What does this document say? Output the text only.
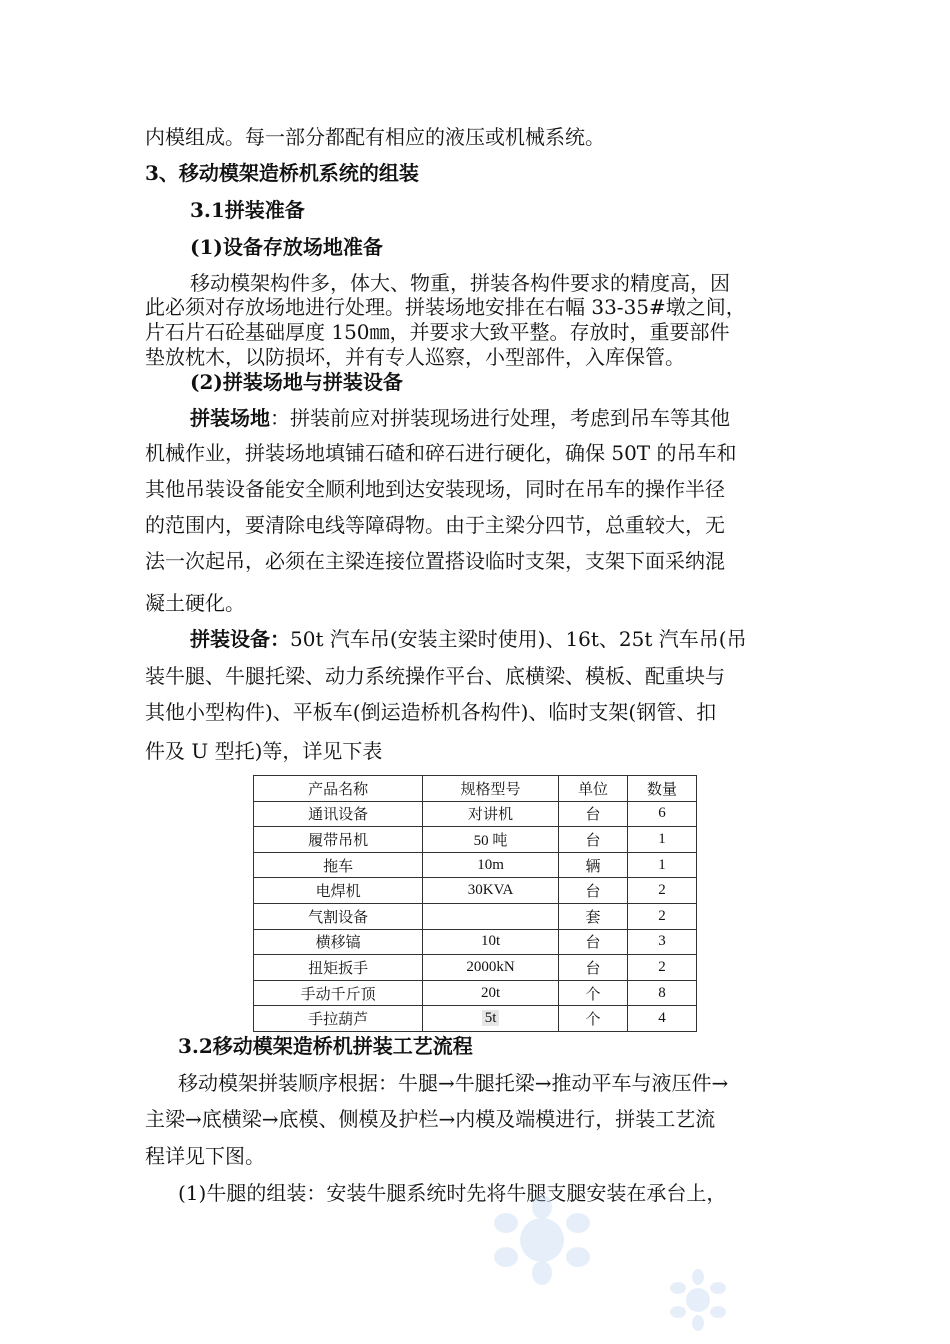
内模组成。每一部分都配有相应的液压或机械系统。
3、移动模架造桥机系统的组装
3.1拼装准备
(1)设备存放场地准备
移动模架构件多，体大、物重，拼装各构件要求的精度高，因
此必须对存放场地进行处理。拼装场地安排在右幅 33-35#墩之间，
片石片石砼基础厚度 150㎜，并要求大致平整。存放时，重要部件
垫放枕木，以防损坏，并有专人巡察，小型部件，入库保管。
(2)拼装场地与拼装设备
拼装场地：拼装前应对拼装现场进行处理，考虑到吊车等其他
机械作业，拼装场地填铺石碴和碎石进行硬化，确保 50T 的吊车和
其他吊装设备能安全顺利地到达安装现场，同时在吊车的操作半径
的范围内，要清除电线等障碍物。由于主梁分四节，总重较大，无
法一次起吊，必须在主梁连接位置搭设临时支架，支架下面采纳混
凝土硬化。
拼装设备：50t 汽车吊(安装主梁时使用)、16t、25t 汽车吊(吊
装牛腿、牛腿托梁、动力系统操作平台、底横梁、模板、配重块与
其他小型构件)、平板车(倒运造桥机各构件)、临时支架(钢管、扣
件及 U 型托)等，详见下表
产品名称	规格型号	单位	数量
通讯设备	对讲机	台	6
履带吊机	50 吨	台	1
拖车	10m	辆	1
电焊机	30KVA	台	2
气割设备		套	2
横移镐	10t	台	3
扭矩扳手	2000kN	台	2
手动千斤顶	20t	个	8
手拉葫芦	5t	个	4
3.2移动模架造桥机拼装工艺流程
移动模架拼装顺序根据：牛腿→牛腿托梁→推动平车与液压件→
主梁→底横梁→底模、侧模及护栏→内模及端模进行，拼装工艺流
程详见下图。
(1)牛腿的组装：安装牛腿系统时先将牛腿支腿安装在承台上，
